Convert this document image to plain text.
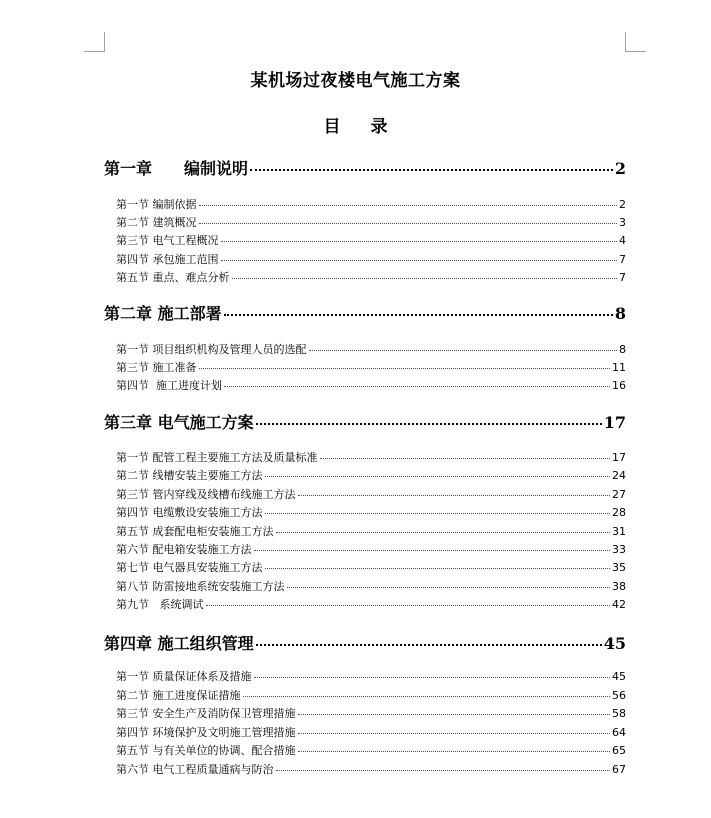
某机场过夜楼电气施工方案
目 录
第一章　　编制说明	2
第一节 编制依据	2
第二节 建筑概况	3
第三节 电气工程概况	4
第四节 承包施工范围	7
第五节 重点、难点分析	7
第二章 施工部署	8
第一节 项目组织机构及管理人员的选配	8
第三节 施工准备	11
第四节  施工进度计划	16
第三章 电气施工方案	17
第一节 配管工程主要施工方法及质量标准	17
第二节 线槽安装主要施工方法	24
第三节 管内穿线及线槽布线施工方法	27
第四节 电缆敷设安装施工方法	28
第五节 成套配电柜安装施工方法	31
第六节 配电箱安装施工方法	33
第七节 电气器具安装施工方法	35
第八节 防雷接地系统安装施工方法	38
第九节   系统调试	42
第四章 施工组织管理	45
第一节 质量保证体系及措施	45
第二节 施工进度保证措施	56
第三节 安全生产及消防保卫管理措施	58
第四节 环境保护及文明施工管理措施	64
第五节 与有关单位的协调、配合措施	65
第六节 电气工程质量通病与防治	67
